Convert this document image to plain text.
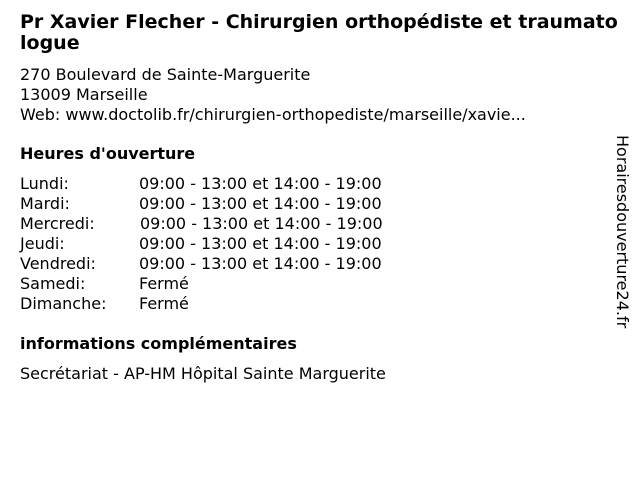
Pr Xavier Flecher - Chirurgien orthopédiste et traumatologue
270 Boulevard de Sainte-Marguerite
13009 Marseille
Web: www.doctolib.fr/chirurgien-orthopediste/marseille/xavie...
Heures d'ouverture
Lundi:	09:00 - 13:00 et 14:00 - 19:00
Mardi:	09:00 - 13:00 et 14:00 - 19:00
Mercredi:	09:00 - 13:00 et 14:00 - 19:00
Jeudi:	09:00 - 13:00 et 14:00 - 19:00
Vendredi:	09:00 - 13:00 et 14:00 - 19:00
Samedi:	Fermé
Dimanche:	Fermé
informations complémentaires
Secrétariat - AP-HM Hôpital Sainte Marguerite
Horairesdouverture24.fr
